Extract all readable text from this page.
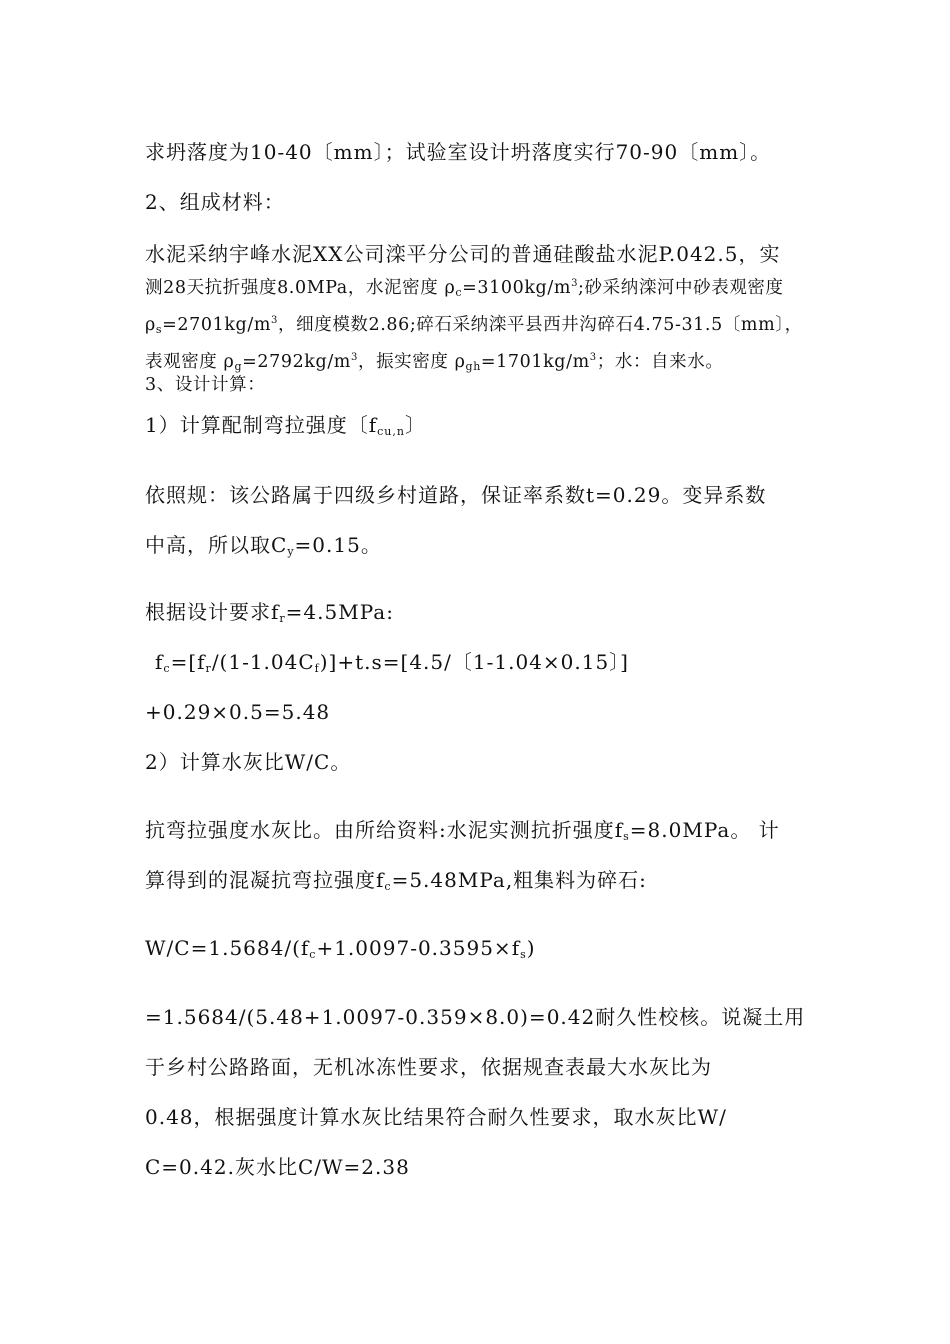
求坍落度为10-40〔mm〕；试验室设计坍落度实行70-90〔mm〕。
2、组成材料：
水泥采纳宇峰水泥XX公司滦平分公司的普通硅酸盐水泥P.042.5，实
测28天抗折强度8.0MPa，水泥密度 $\rho_c=3100kg/m^3$;砂采纳滦河中砂表观密度
$\rho_s=2701kg/m^3$，细度模数2.86;碎石采纳滦平县西井沟碎石4.75-31.5〔mm〕，
表观密度 $\rho_g=2792kg/m^3$，振实密度 $\rho_{gh}=1701kg/m^3$；水：自来水。
3、设计计算：
1）计算配制弯拉强度〔$f_{cu,n}$〕
依照规：该公路属于四级乡村道路，保证率系数t=0.29。变异系数
中高，所以取$C_y=0.15$。
根据设计要求$f_r=4.5MPa$:
$f_c=[f_r/(1-1.04C_f)]+t.s=[4.5/$〔1-1.04×0.15〕]
+0.29×0.5=5.48
2）计算水灰比W/C。
抗弯拉强度水灰比。由所给资料:水泥实测抗折强度$f_s=8.0MPa$。 计
算得到的混凝抗弯拉强度$f_c=5.48MPa$,粗集料为碎石:
$W/C=1.5684/(f_c+1.0097-0.3595\times f_s)$
=1.5684/(5.48+1.0097-0.359×8.0)=0.42耐久性校核。说凝土用
于乡村公路路面，无机冰冻性要求，依据规查表最大水灰比为
0.48，根据强度计算水灰比结果符合耐久性要求，取水灰比W/
C=0.42.灰水比C/W=2.38
